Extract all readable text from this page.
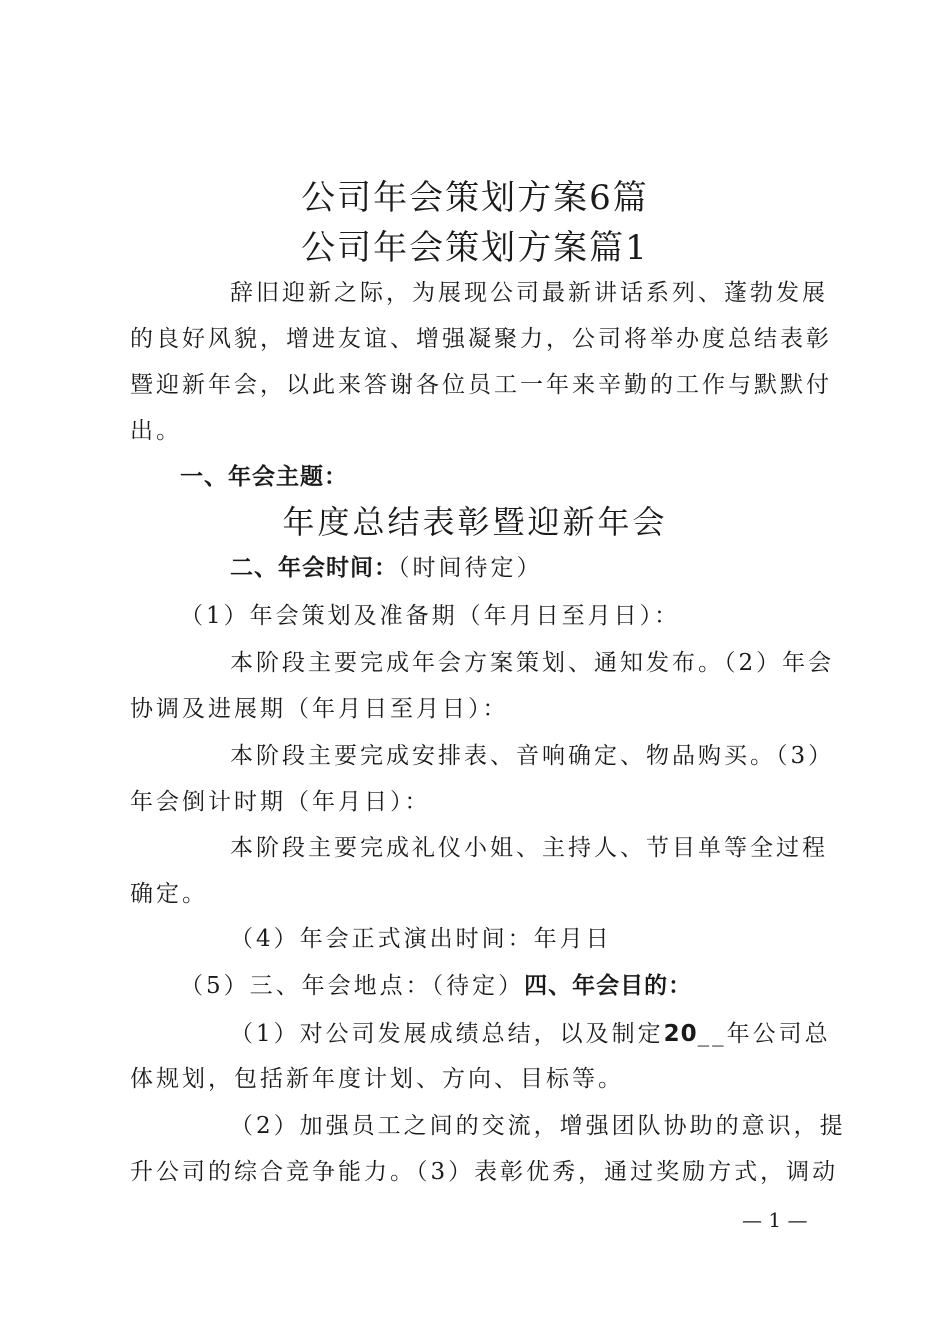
公司年会策划方案6篇
公司年会策划方案篇1
辞旧迎新之际，为展现公司最新讲话系列、蓬勃发展
的良好风貌，增进友谊、增强凝聚力，公司将举办度总结表彰
暨迎新年会，以此来答谢各位员工一年来辛勤的工作与默默付
出。
一、年会主题：
年度总结表彰暨迎新年会
二、年会时间：（时间待定）
（1）年会策划及准备期（年月日至月日）：
本阶段主要完成年会方案策划、通知发布。（2）年会
协调及进展期（年月日至月日）：
本阶段主要完成安排表、音响确定、物品购买。（3）
年会倒计时期（年月日）：
本阶段主要完成礼仪小姐、主持人、节目单等全过程
确定。
（4）年会正式演出时间：年月日
（5）三、年会地点：（待定）四、年会目的：
（1）对公司发展成绩总结，以及制定20__年公司总
体规划，包括新年度计划、方向、目标等。
（2）加强员工之间的交流，增强团队协助的意识，提
升公司的综合竞争能力。（3）表彰优秀，通过奖励方式，调动
— 1 —
